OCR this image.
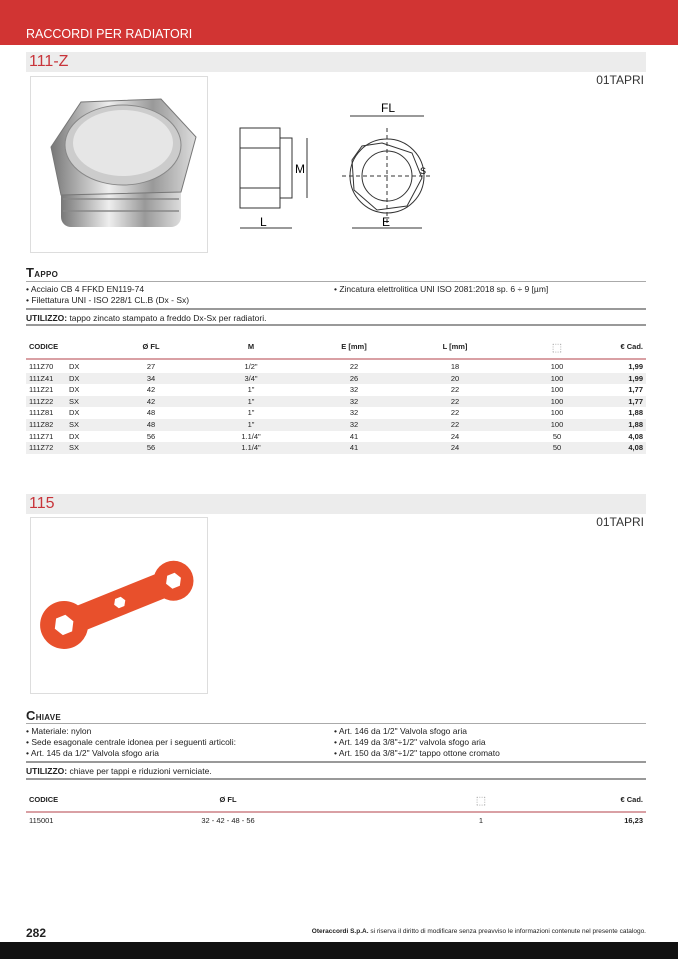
RACCORDI PER RADIATORI
111-Z
01TAPRI
FL
M
L	E
S
Tappo
• Acciaio CB 4 FFKD EN119-74
• Filettatura UNI - ISO 228/1 CL.B (Dx - Sx)
• Zincatura elettrolitica UNI ISO 2081:2018 sp. 6 ÷ 9 [µm]
UTILIZZO: tappo zincato stampato a freddo Dx-Sx per radiatori.
CODICE	Ø FL	M	E [mm]	L [mm]	⬚	€ Cad.
111Z70 DX	27	1/2"	22	18	100	1,99
111Z41 DX	34	3/4"	26	20	100	1,99
111Z21 DX	42	1"	32	22	100	1,77
111Z22 SX	42	1"	32	22	100	1,77
111Z81 DX	48	1"	32	22	100	1,88
111Z82 SX	48	1"	32	22	100	1,88
111Z71 DX	56	1.1/4"	41	24	50	4,08
111Z72 SX	56	1.1/4"	41	24	50	4,08
115
01TAPRI
Chiave
• Materiale: nylon
• Sede esagonale centrale idonea per i seguenti articoli:
• Art. 145 da 1/2" Valvola sfogo aria
• Art. 146 da 1/2" Valvola sfogo aria
• Art. 149 da 3/8"÷1/2" valvola sfogo aria
• Art. 150 da 3/8"÷1/2" tappo ottone cromato
UTILIZZO: chiave per tappi e riduzioni verniciate.
CODICE	Ø FL	⬚	€ Cad.
115001	32 - 42 - 48 - 56	1	16,23
282	Oteraccordi S.p.A. si riserva il diritto di modificare senza preavviso le informazioni contenute nel presente catalogo.
